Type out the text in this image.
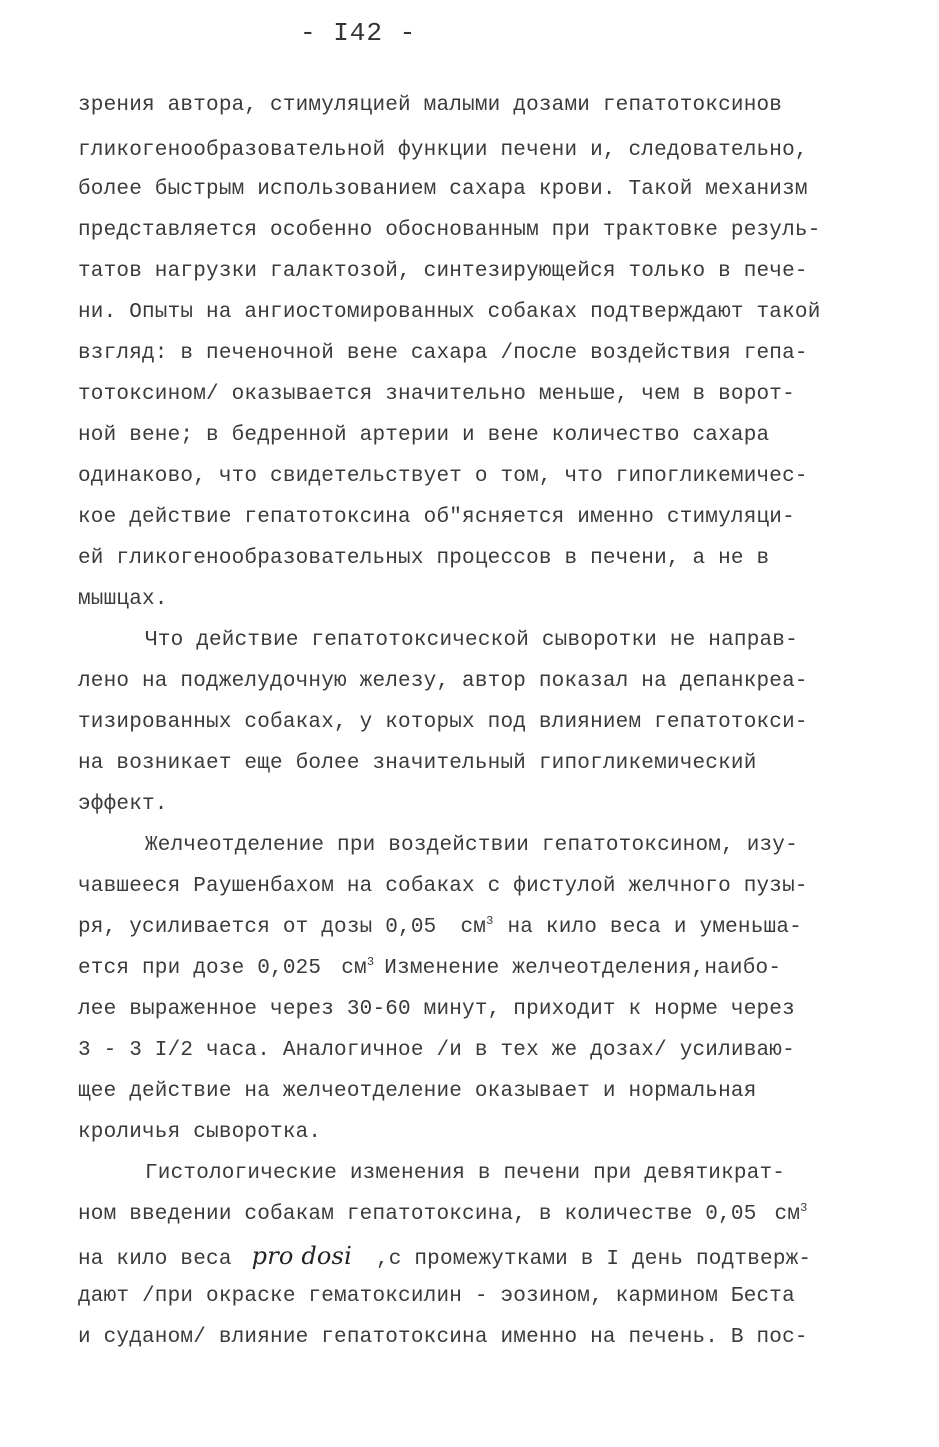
- I42 -
зрения автора, стимуляцией малыми дозами гепатотоксинов
гликогенообразовательной функции печени и, следовательно,
более быстрым использованием сахара крови. Такой механизм
представляется особенно обоснованным при трактовке резуль-
татов нагрузки галактозой, синтезирующейся только в пече-
ни. Опыты на ангиостомированных собаках подтверждают такой
взгляд: в печеночной вене сахара /после воздействия гепа-
тотоксином/ оказывается значительно меньше, чем в ворот-
ной вене; в бедренной артерии и вене количество сахара
одинаково, что свидетельствует о том, что гипогликемичес-
кое действие гепатотоксина об"ясняется именно стимуляци-
ей гликогенообразовательных процессов в печени, а не в
мышцах.
Что действие гепатотоксической сыворотки не направ-
лено на поджелудочную железу, автор показал на депанкреа-
тизированных собаках, у которых под влиянием гепатотокси-
на возникает еще более значительный гипогликемический
эффект.
Желчеотделение при воздействии гепатотоксином, изу-
чавшееся Раушенбахом на собаках с фистулой желчного пузы-
ря, усиливается от дозы 0,05 $см^3$ на кило веса и уменьша-
ется при дозе 0,025 $см^3$ Изменение желчеотделения,наибо-
лее выраженное через 30-60 минут, приходит к норме через
3 - 3 I/2 часа. Аналогичное /и в тех же дозах/ усиливаю-
щее действие на желчеотделение оказывает и нормальная
кроличья сыворотка.
Гистологические изменения в печени при девятикрат-
ном введении собакам гепатотоксина, в количестве 0,05 $см^3$
на кило веса pro dosi ,с промежутками в I день подтверж-
дают /при окраске гематоксилин - эозином, кармином Беста
и суданом/ влияние гепатотоксина именно на печень. В пос-
